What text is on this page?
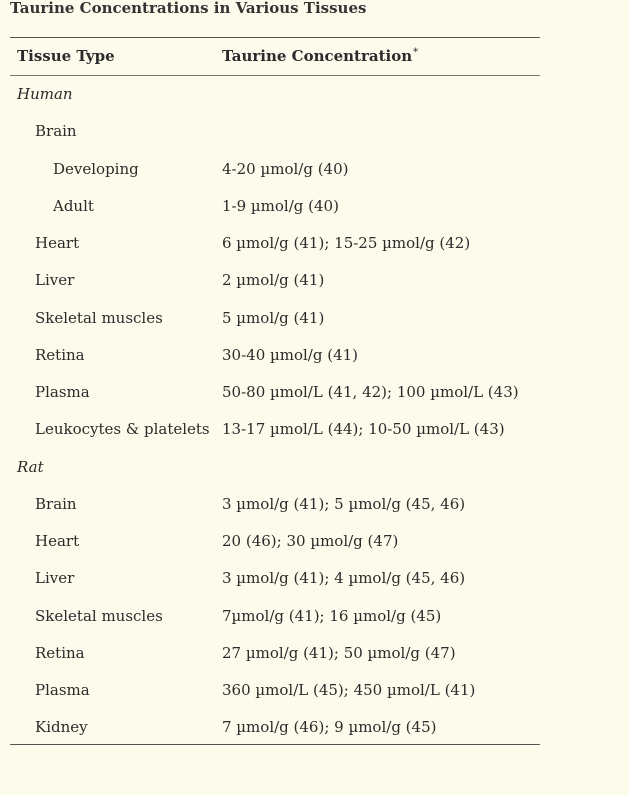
Taurine Concentrations in Various Tissues
Tissue Type	Taurine Concentration*
Human
Brain
Developing	4-20 µmol/g (40)
Adult	1-9 µmol/g (40)
Heart	6 µmol/g (41); 15-25 µmol/g (42)
Liver	2 µmol/g (41)
Skeletal muscles	5 µmol/g (41)
Retina	30-40 µmol/g (41)
Plasma	50-80 µmol/L (41, 42); 100 µmol/L (43)
Leukocytes & platelets 13-17 µmol/L (44); 10-50 µmol/L (43)
Rat
Brain	3 µmol/g (41); 5 µmol/g (45, 46)
Heart	20 (46); 30 µmol/g (47)
Liver	3 µmol/g (41); 4 µmol/g (45, 46)
Skeletal muscles	7µmol/g (41); 16 µmol/g (45)
Retina	27 µmol/g (41); 50 µmol/g (47)
Plasma	360 µmol/L (45); 450 µmol/L (41)
Kidney	7 µmol/g (46); 9 µmol/g (45)
